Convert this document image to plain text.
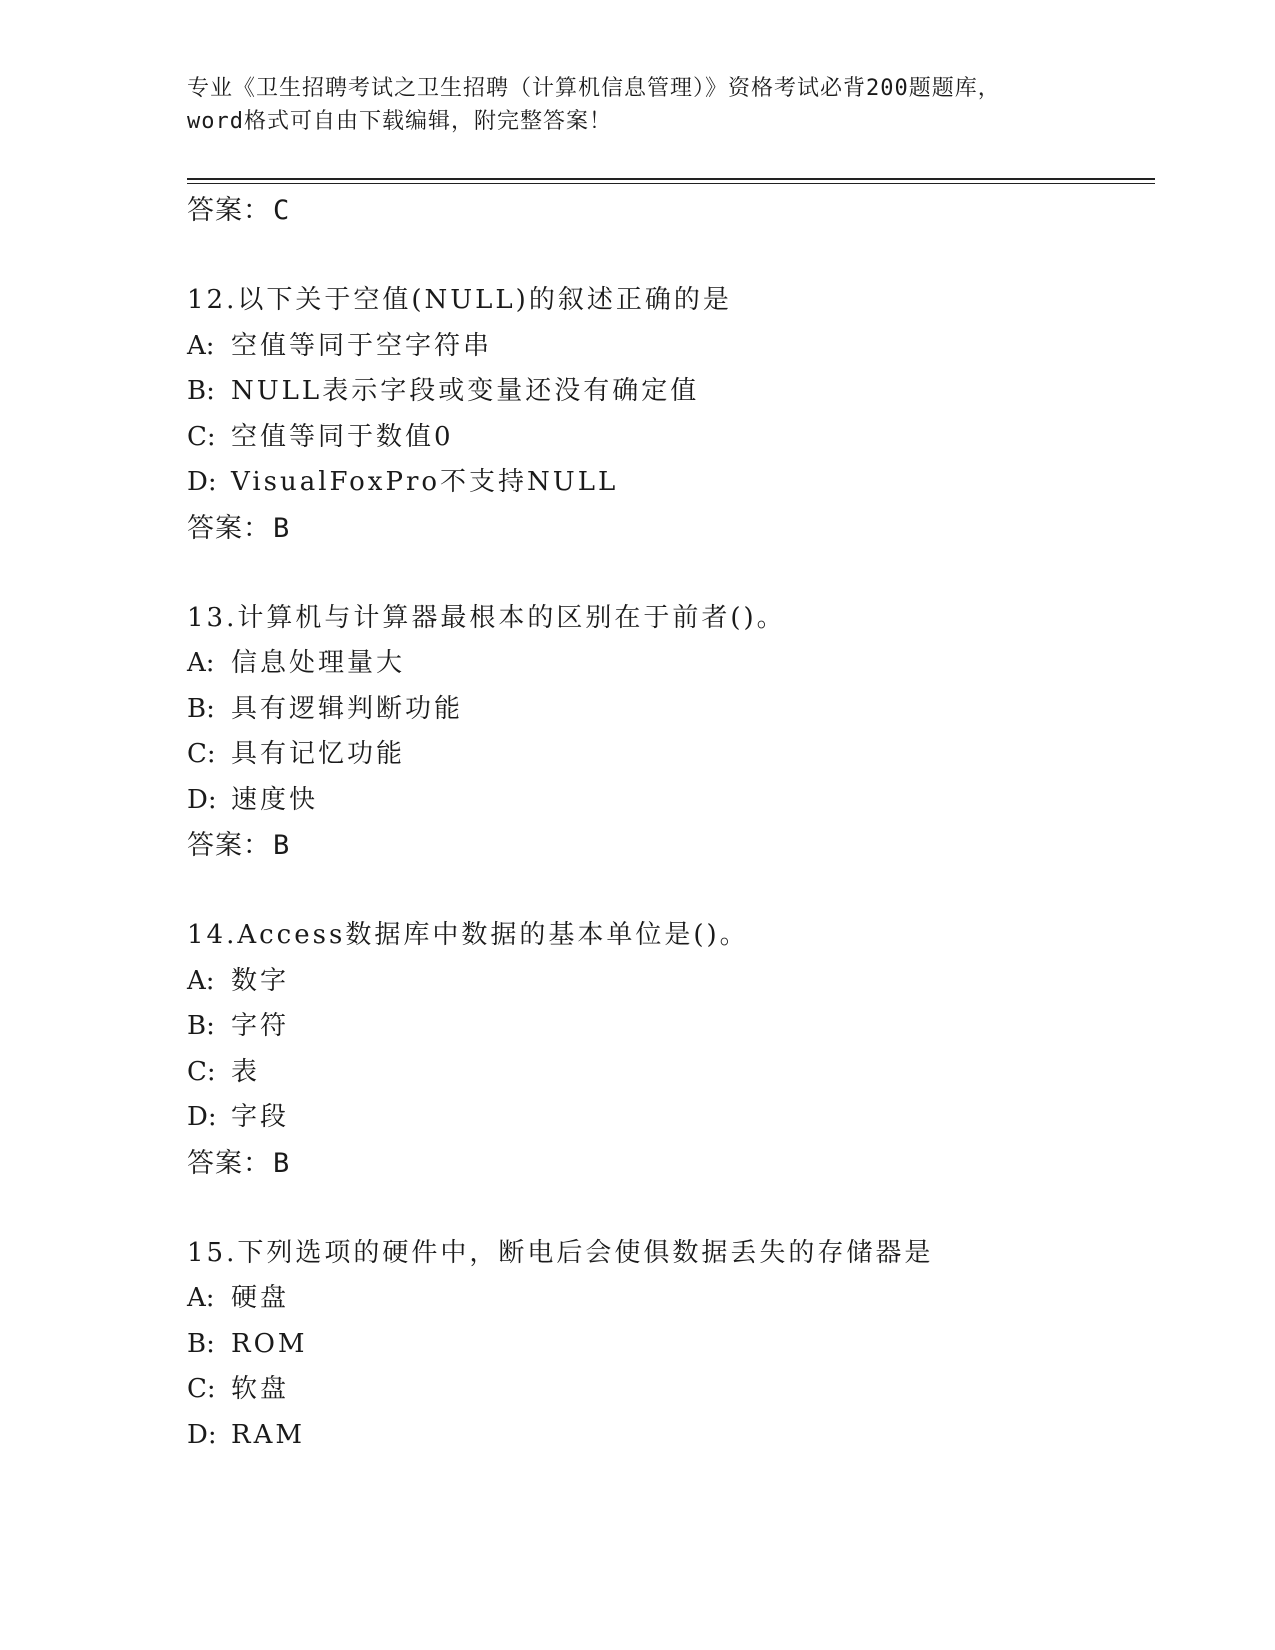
专业《卫生招聘考试之卫生招聘（计算机信息管理）》资格考试必背200题题库，
word格式可自由下载编辑，附完整答案！
答案：C
12.以下关于空值(NULL)的叙述正确的是
A: 空值等同于空字符串
B: NULL表示字段或变量还没有确定值
C: 空值等同于数值0
D: VisualFoxPro不支持NULL
答案：B
13.计算机与计算器最根本的区别在于前者()。
A: 信息处理量大
B: 具有逻辑判断功能
C: 具有记忆功能
D: 速度快
答案：B
14.Access数据库中数据的基本单位是()。
A: 数字
B: 字符
C: 表
D: 字段
答案：B
15.下列选项的硬件中，断电后会使俱数据丢失的存储器是
A: 硬盘
B: ROM
C: 软盘
D: RAM
